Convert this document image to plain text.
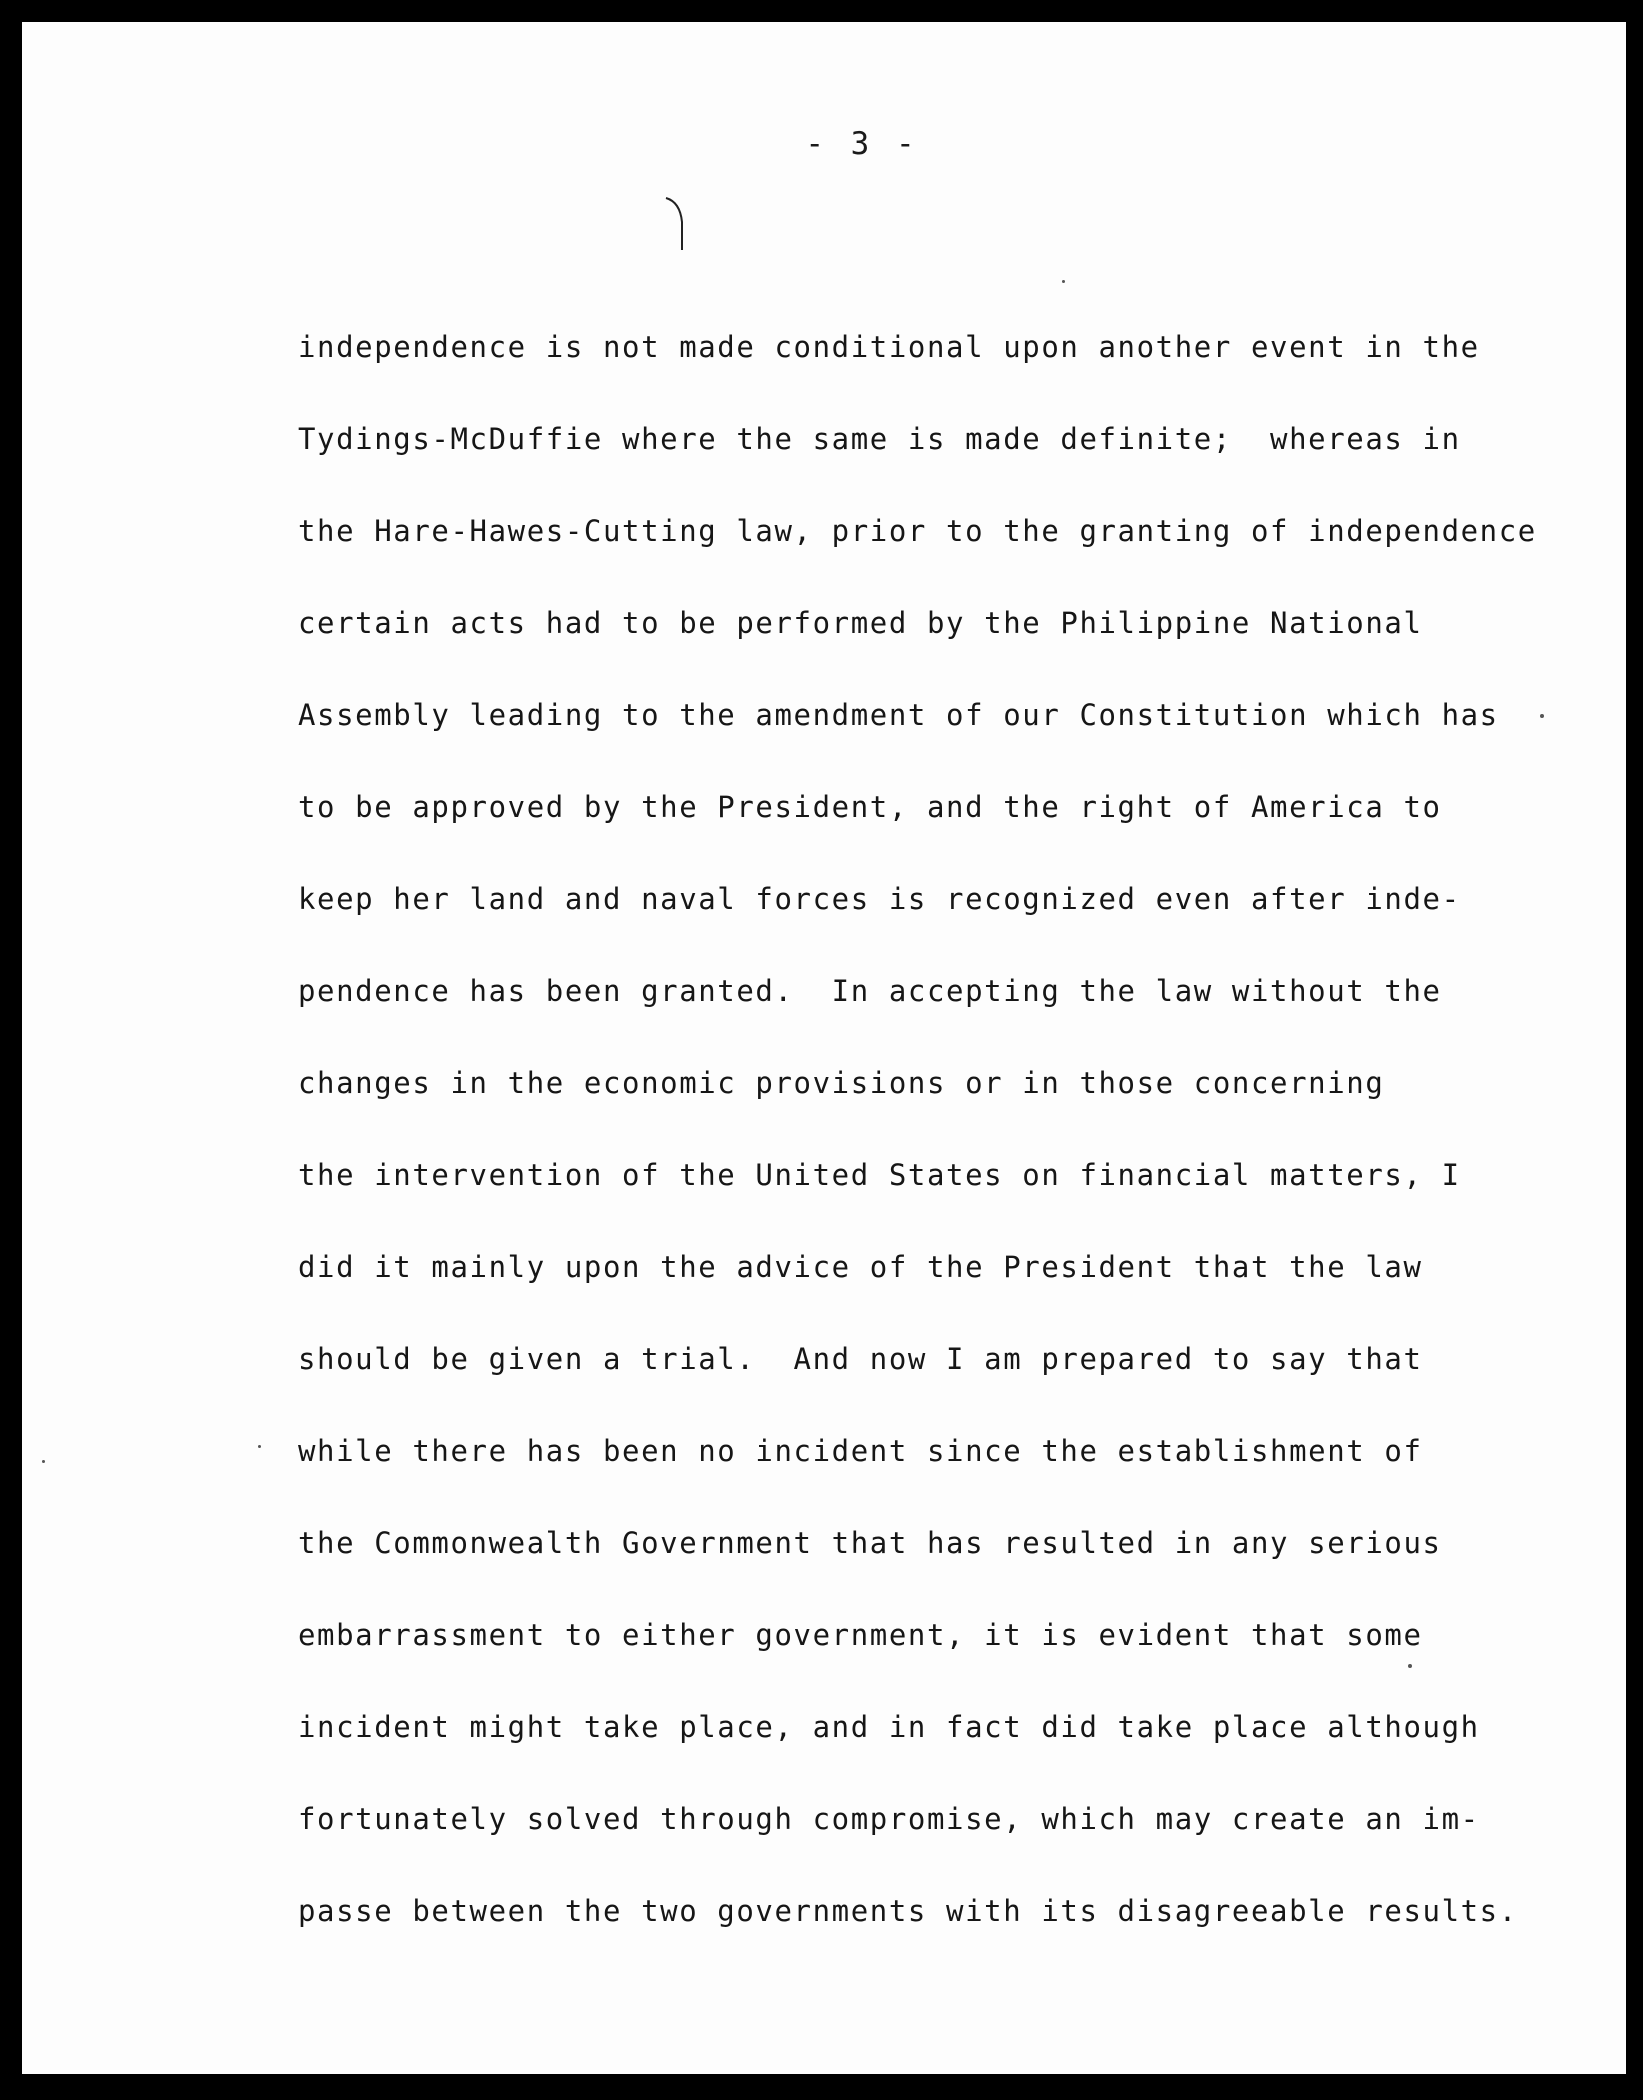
- 3 -
independence is not made conditional upon another event in the
Tydings-McDuffie where the same is made definite;  whereas in
the Hare-Hawes-Cutting law, prior to the granting of independence
certain acts had to be performed by the Philippine National
Assembly leading to the amendment of our Constitution which has
to be approved by the President, and the right of America to
keep her land and naval forces is recognized even after inde-
pendence has been granted.  In accepting the law without the
changes in the economic provisions or in those concerning
the intervention of the United States on financial matters, I
did it mainly upon the advice of the President that the law
should be given a trial.  And now I am prepared to say that
while there has been no incident since the establishment of
the Commonwealth Government that has resulted in any serious
embarrassment to either government, it is evident that some
incident might take place, and in fact did take place although
fortunately solved through compromise, which may create an im-
passe between the two governments with its disagreeable results.
